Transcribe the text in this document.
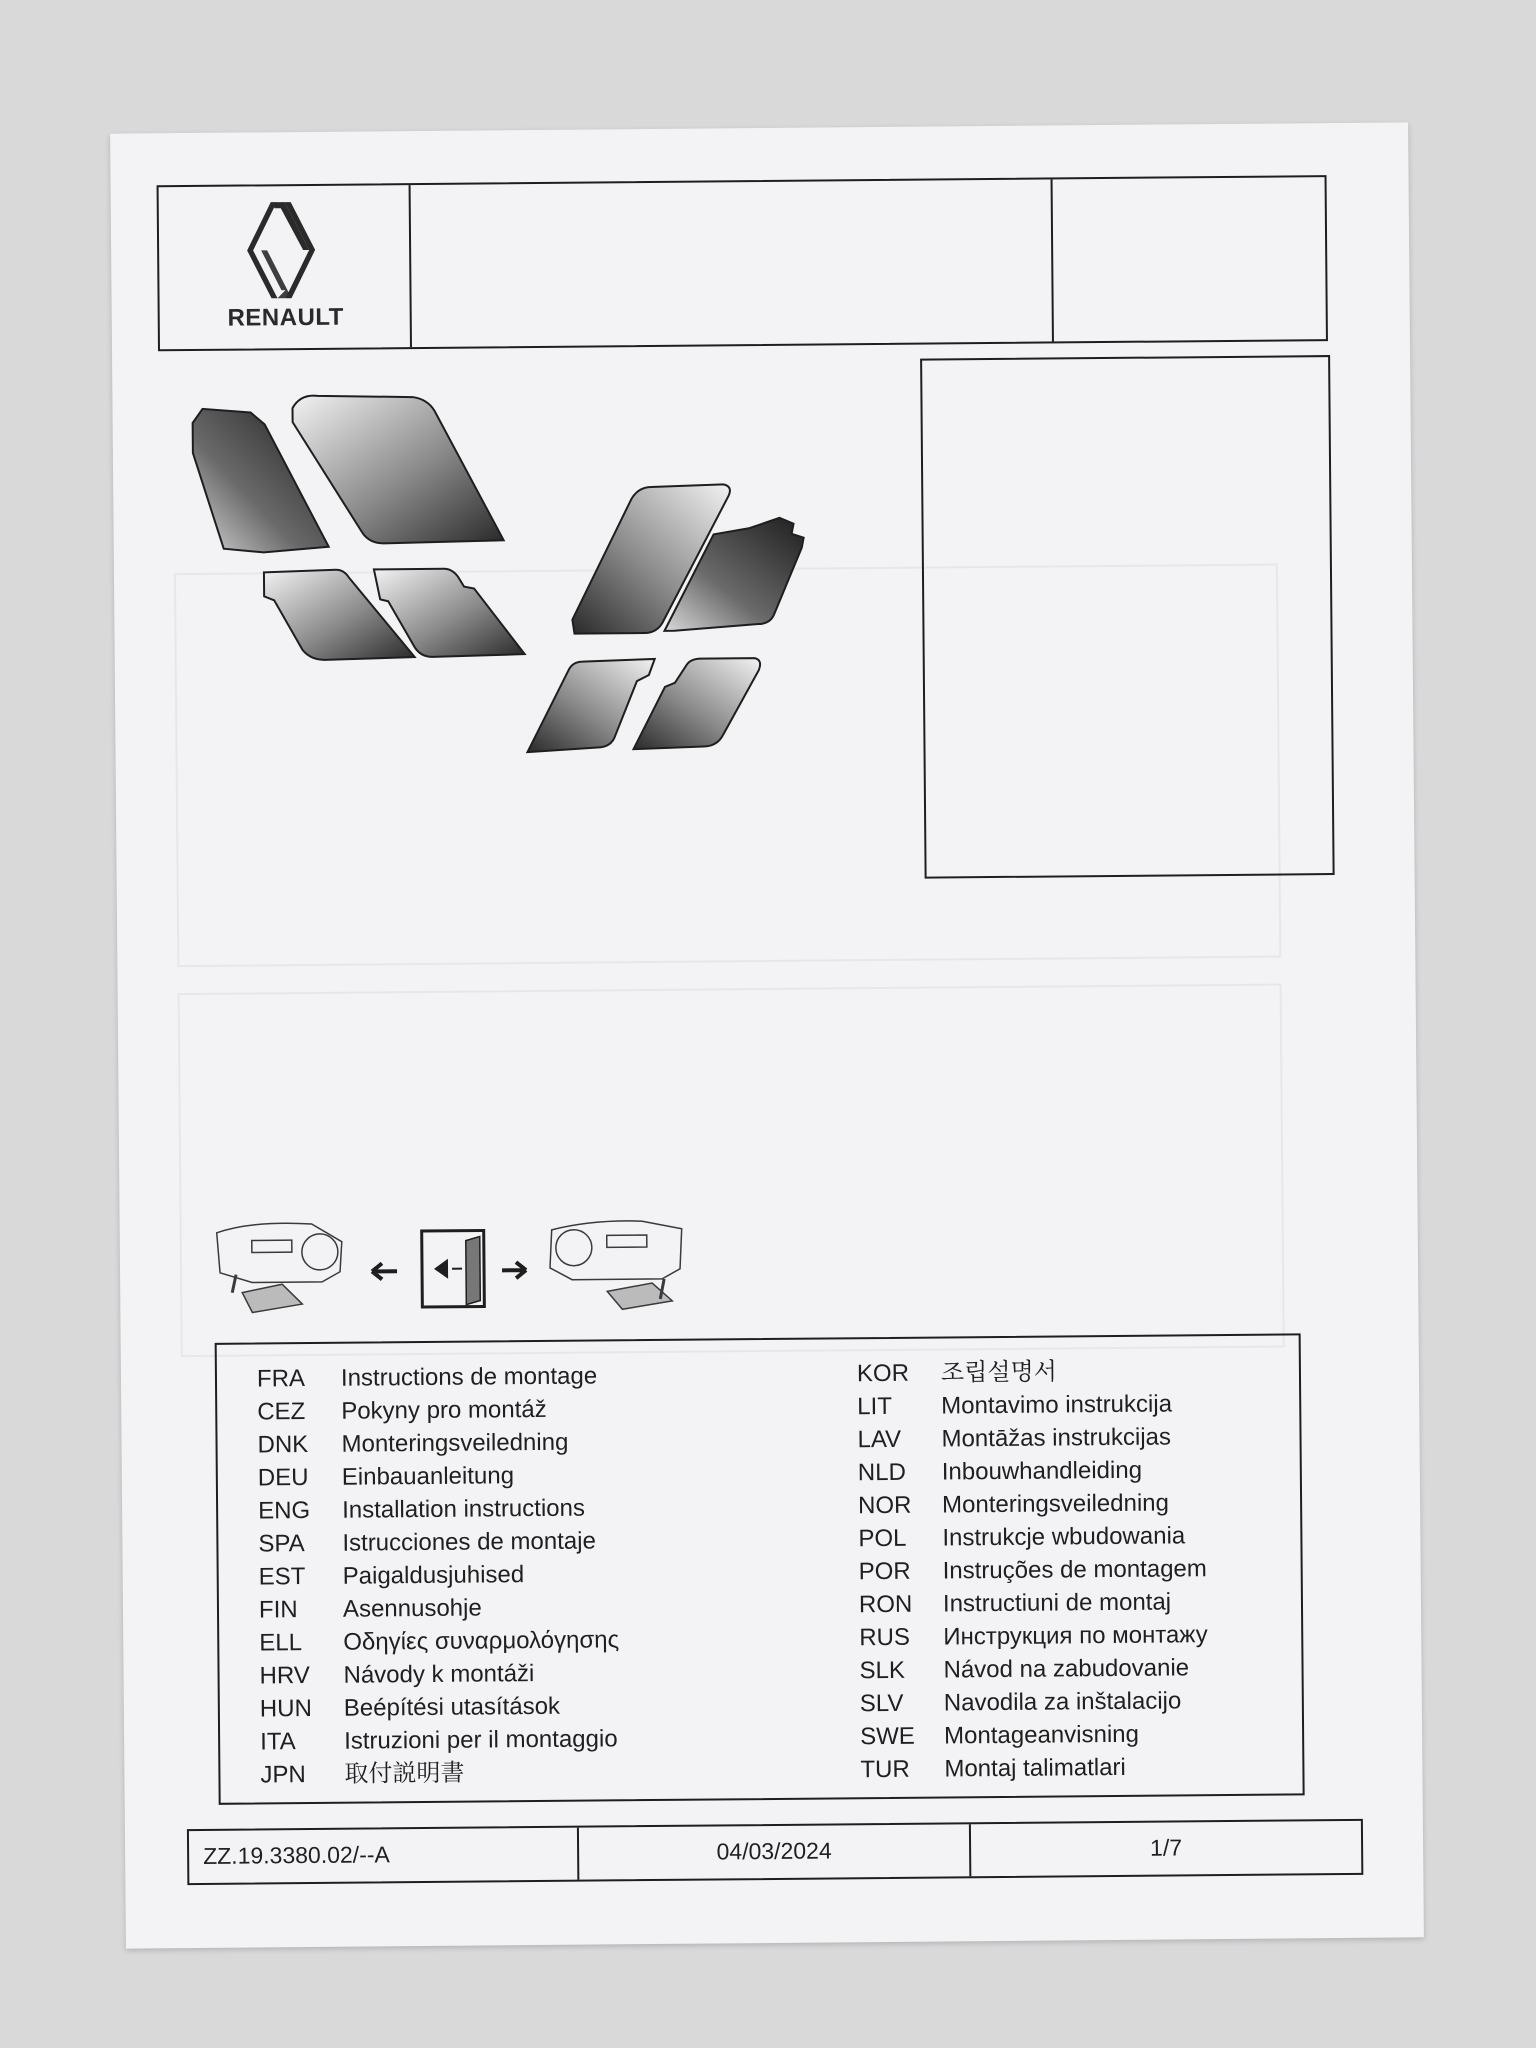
RENAULT
FRA Instructions de montage
CEZ Pokyny pro montáž
DNK Monteringsveiledning
DEU Einbauanleitung
ENG Installation instructions
SPA Istrucciones de montaje
EST Paigaldusjuhised
FIN Asennusohje
ELL Οδηγίες συναρμολόγησης
HRV Návody k montáži
HUN Beépítési utasítások
ITA Istruzioni per il montaggio
JPN 取付説明書
KOR 조립설명서
LIT Montavimo instrukcija
LAV Montāžas instrukcijas
NLD Inbouwhandleiding
NOR Monteringsveiledning
POL Instrukcje wbudowania
POR Instruções de montagem
RON Instructiuni de montaj
RUS Инструкция по монтажу
SLK Návod na zabudovanie
SLV Navodila za inštalacijo
SWE Montageanvisning
TUR Montaj talimatlari
ZZ.19.3380.02/--A	04/03/2024	1/7
